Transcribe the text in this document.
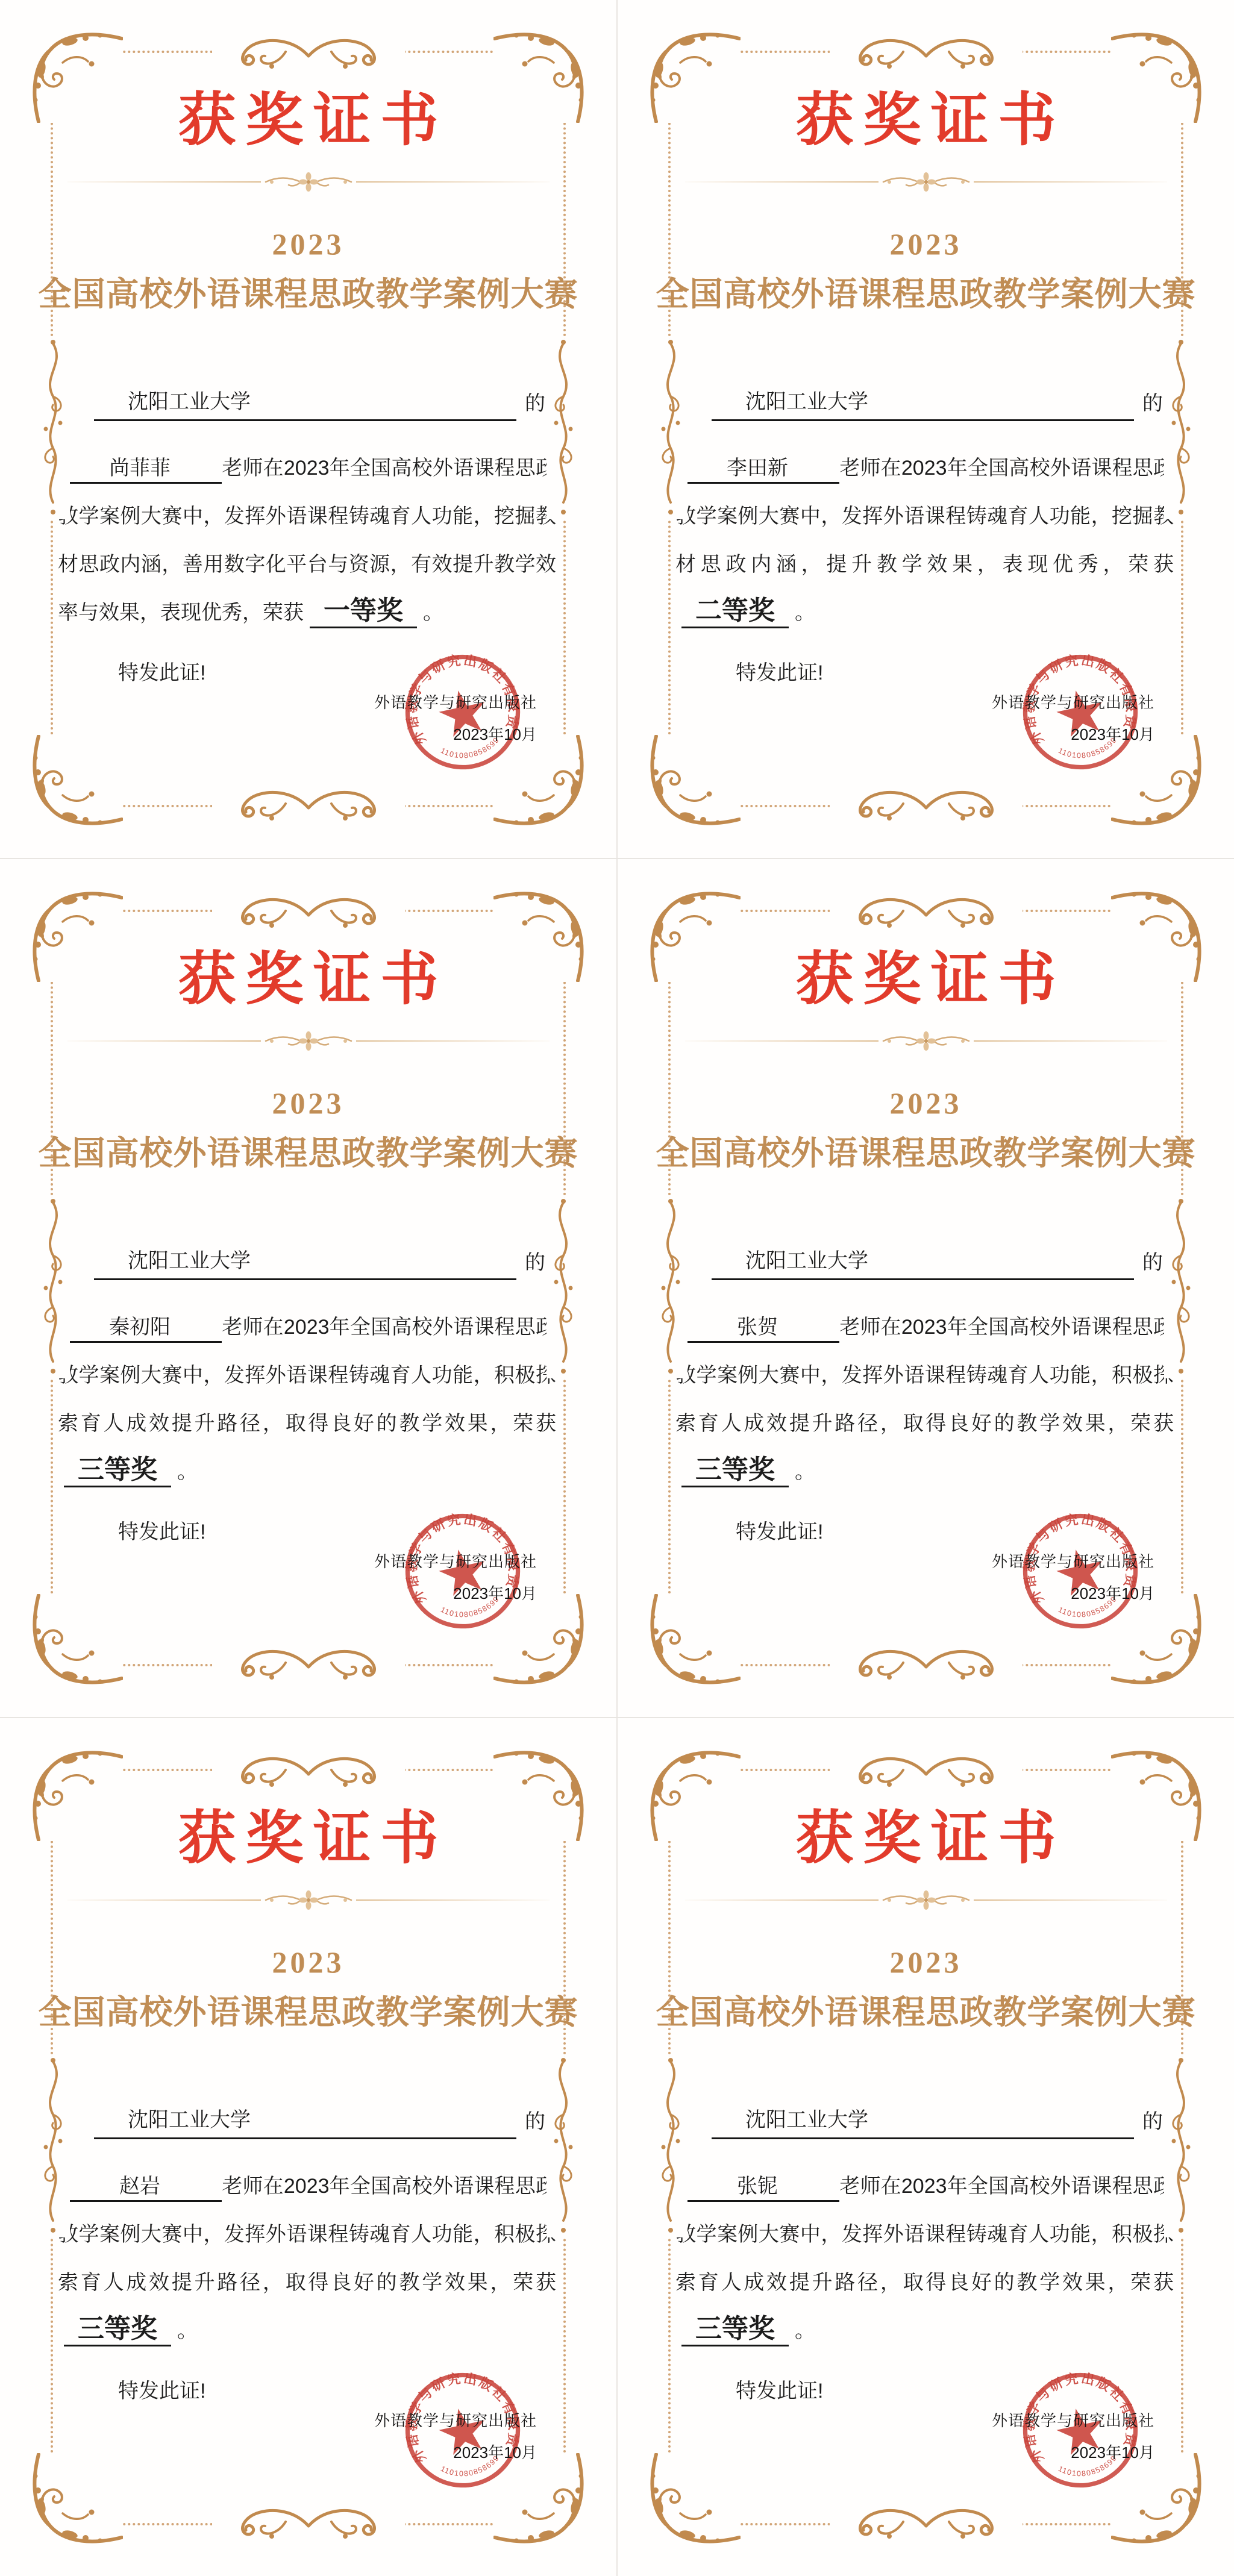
获奖证书
2023
全国高校外语课程思政教学案例大赛
沈阳工业大学	的

尚菲菲	老师在2023年全国高校外语课程思政教学案例大赛中，发挥外语课程铸魂育人功能，挖掘教材思政内涵，善用数字化平台与资源，有效提升教学效率与效果，表现优秀，荣获 一等奖 。

特发此证!

外语教学与研究出版社
2023年10月
获奖证书
2023
全国高校外语课程思政教学案例大赛
沈阳工业大学	的

李田新	老师在2023年全国高校外语课程思政教学案例大赛中，发挥外语课程铸魂育人功能，挖掘教材思政内涵，提升教学效果，表现优秀，荣获二等奖 。

特发此证!

外语教学与研究出版社
2023年10月
获奖证书
2023
全国高校外语课程思政教学案例大赛
沈阳工业大学	的

秦初阳	老师在2023年全国高校外语课程思政教学案例大赛中，发挥外语课程铸魂育人功能，积极探索育人成效提升路径，取得良好的教学效果，荣获三等奖 。

特发此证!

外语教学与研究出版社
2023年10月
获奖证书
2023
全国高校外语课程思政教学案例大赛
沈阳工业大学	的

张贺	老师在2023年全国高校外语课程思政教学案例大赛中，发挥外语课程铸魂育人功能，积极探索育人成效提升路径，取得良好的教学效果，荣获三等奖 。

特发此证!

外语教学与研究出版社
2023年10月
获奖证书
2023
全国高校外语课程思政教学案例大赛
沈阳工业大学	的

赵岩	老师在2023年全国高校外语课程思政教学案例大赛中，发挥外语课程铸魂育人功能，积极探索育人成效提升路径，取得良好的教学效果，荣获三等奖 。

特发此证!

外语教学与研究出版社
2023年10月
获奖证书
2023
全国高校外语课程思政教学案例大赛
沈阳工业大学	的

张铌	老师在2023年全国高校外语课程思政教学案例大赛中，发挥外语课程铸魂育人功能，积极探索育人成效提升路径，取得良好的教学效果，荣获三等奖 。

特发此证!

外语教学与研究出版社
2023年10月
